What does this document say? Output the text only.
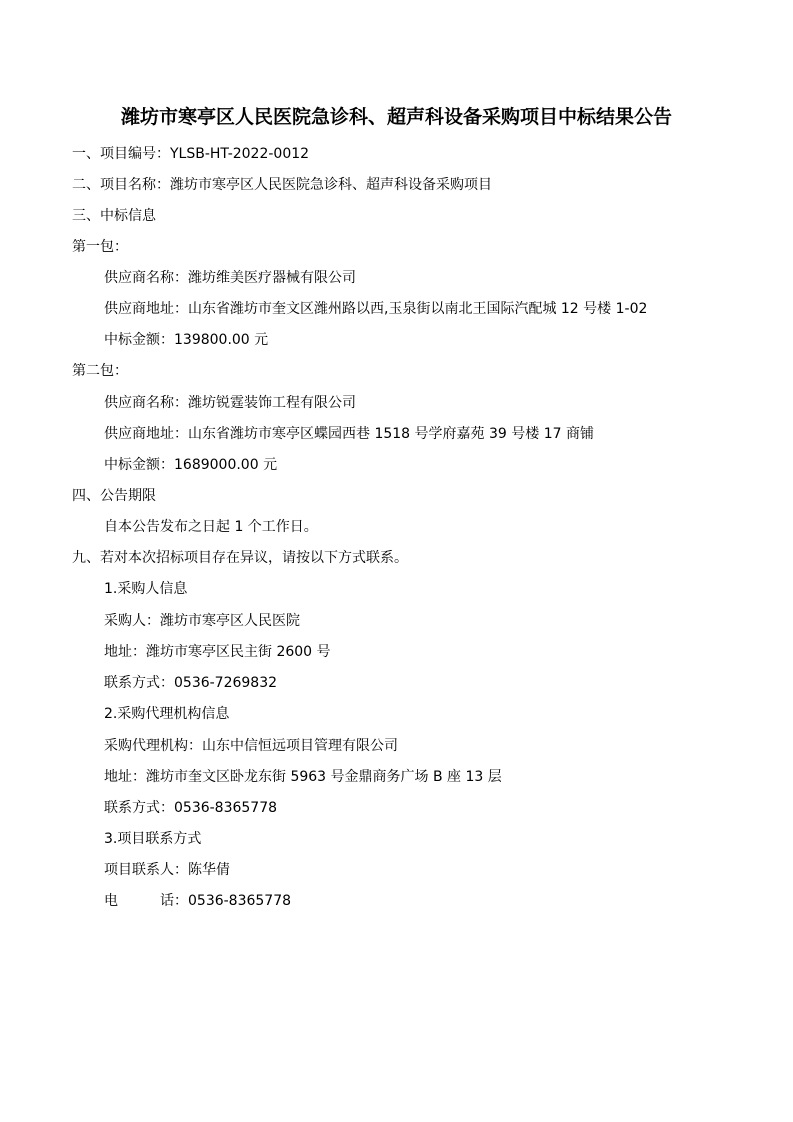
潍坊市寒亭区人民医院急诊科、超声科设备采购项目中标结果公告
一、项目编号：YLSB-HT-2022-0012
二、项目名称：潍坊市寒亭区人民医院急诊科、超声科设备采购项目
三、中标信息
第一包：
供应商名称：潍坊维美医疗器械有限公司
供应商地址：山东省潍坊市奎文区潍州路以西,玉泉街以南北王国际汽配城 12 号楼 1-02
中标金额：139800.00 元
第二包：
供应商名称：潍坊锐霆装饰工程有限公司
供应商地址：山东省潍坊市寒亭区蝶园西巷 1518 号学府嘉苑 39 号楼 17 商铺
中标金额：1689000.00 元
四、公告期限
自本公告发布之日起 1 个工作日。
九、若对本次招标项目存在异议，请按以下方式联系。
1.采购人信息
采购人：潍坊市寒亭区人民医院
地址：潍坊市寒亭区民主街 2600 号
联系方式：0536-7269832
2.采购代理机构信息
采购代理机构：山东中信恒远项目管理有限公司
地址：潍坊市奎文区卧龙东街 5963 号金鼎商务广场 B 座 13 层
联系方式：0536-8365778
3.项目联系方式
项目联系人：陈华倩
电	话：0536-8365778
